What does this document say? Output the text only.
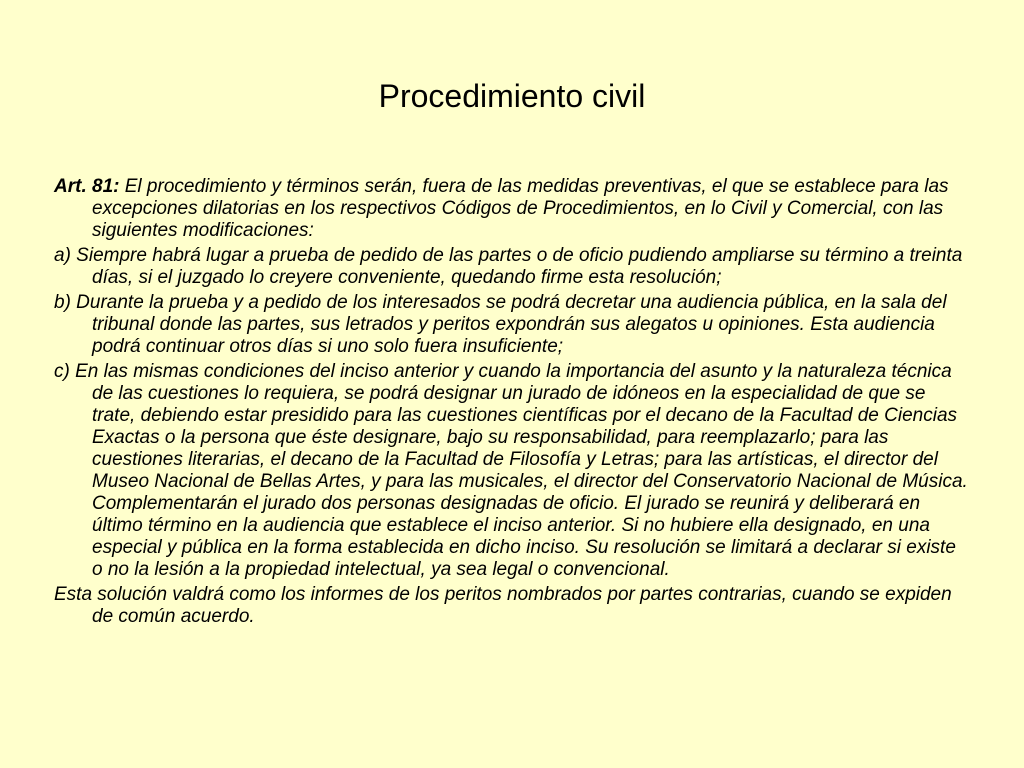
Procedimiento civil

Art. 81: El procedimiento y términos serán, fuera de las medidas preventivas, el que se establece para las excepciones dilatorias en los respectivos Códigos de Procedimientos, en lo Civil y Comercial, con las siguientes modificaciones:

a) Siempre habrá lugar a prueba de pedido de las partes o de oficio pudiendo ampliarse su término a treinta días, si el juzgado lo creyere conveniente, quedando firme esta resolución;

b) Durante la prueba y a pedido de los interesados se podrá decretar una audiencia pública, en la sala del tribunal donde las partes, sus letrados y peritos expondrán sus alegatos u opiniones. Esta audiencia podrá continuar otros días si uno solo fuera insuficiente;

c) En las mismas condiciones del inciso anterior y cuando la importancia del asunto y la naturaleza técnica de las cuestiones lo requiera, se podrá designar un jurado de idóneos en la especialidad de que se trate, debiendo estar presidido para las cuestiones científicas por el decano de la Facultad de Ciencias Exactas o la persona que éste designare, bajo su responsabilidad, para reemplazarlo; para las cuestiones literarias, el decano de la Facultad de Filosofía y Letras; para las artísticas, el director del Museo Nacional de Bellas Artes, y para las musicales, el director del Conservatorio Nacional de Música. Complementarán el jurado dos personas designadas de oficio. El jurado se reunirá y deliberará en último término en la audiencia que establece el inciso anterior. Si no hubiere ella designado, en una especial y pública en la forma establecida en dicho inciso. Su resolución se limitará a declarar si existe o no la lesión a la propiedad intelectual, ya sea legal o convencional.

Esta solución valdrá como los informes de los peritos nombrados por partes contrarias, cuando se expiden de común acuerdo.
